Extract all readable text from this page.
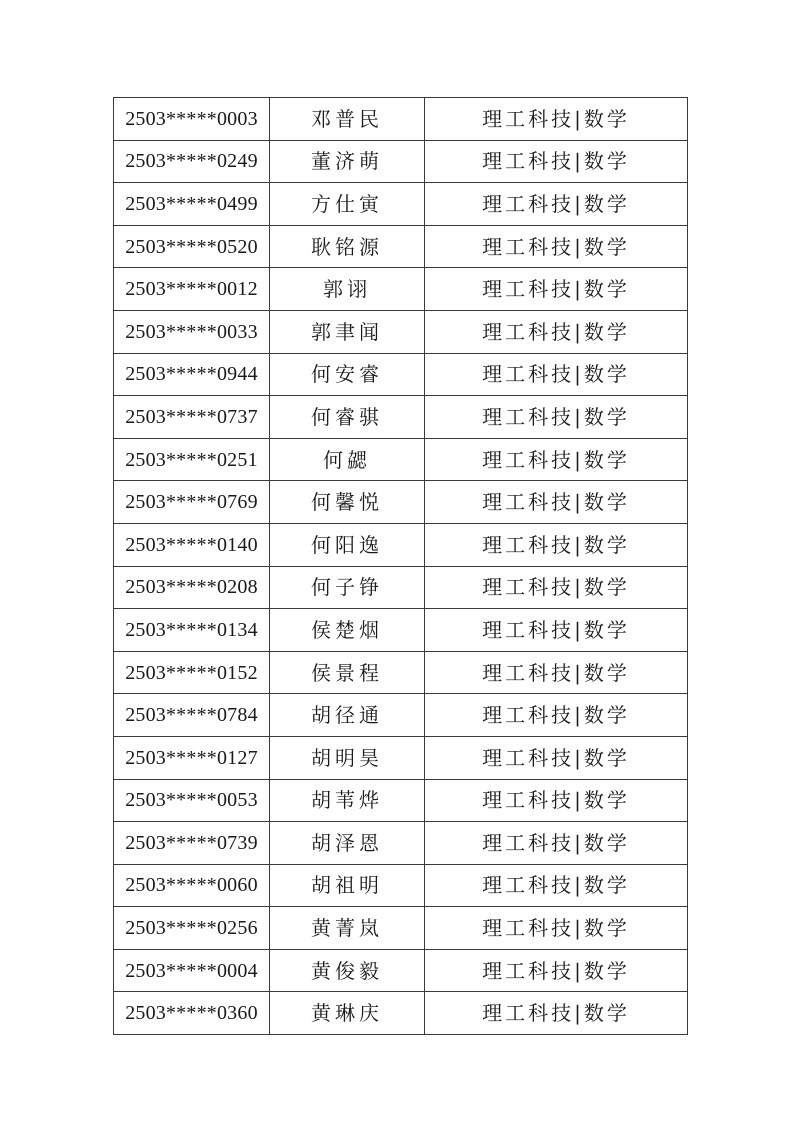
2503*****0003	邓普民	理工科技|数学
2503*****0249	董济萌	理工科技|数学
2503*****0499	方仕寅	理工科技|数学
2503*****0520	耿铭源	理工科技|数学
2503*****0012	郭诩	理工科技|数学
2503*****0033	郭聿闻	理工科技|数学
2503*****0944	何安睿	理工科技|数学
2503*****0737	何睿骐	理工科技|数学
2503*****0251	何勰	理工科技|数学
2503*****0769	何馨悦	理工科技|数学
2503*****0140	何阳逸	理工科技|数学
2503*****0208	何子铮	理工科技|数学
2503*****0134	侯楚烟	理工科技|数学
2503*****0152	侯景程	理工科技|数学
2503*****0784	胡径通	理工科技|数学
2503*****0127	胡明昊	理工科技|数学
2503*****0053	胡苇烨	理工科技|数学
2503*****0739	胡泽恩	理工科技|数学
2503*****0060	胡祖明	理工科技|数学
2503*****0256	黄菁岚	理工科技|数学
2503*****0004	黄俊毅	理工科技|数学
2503*****0360	黄琳庆	理工科技|数学
